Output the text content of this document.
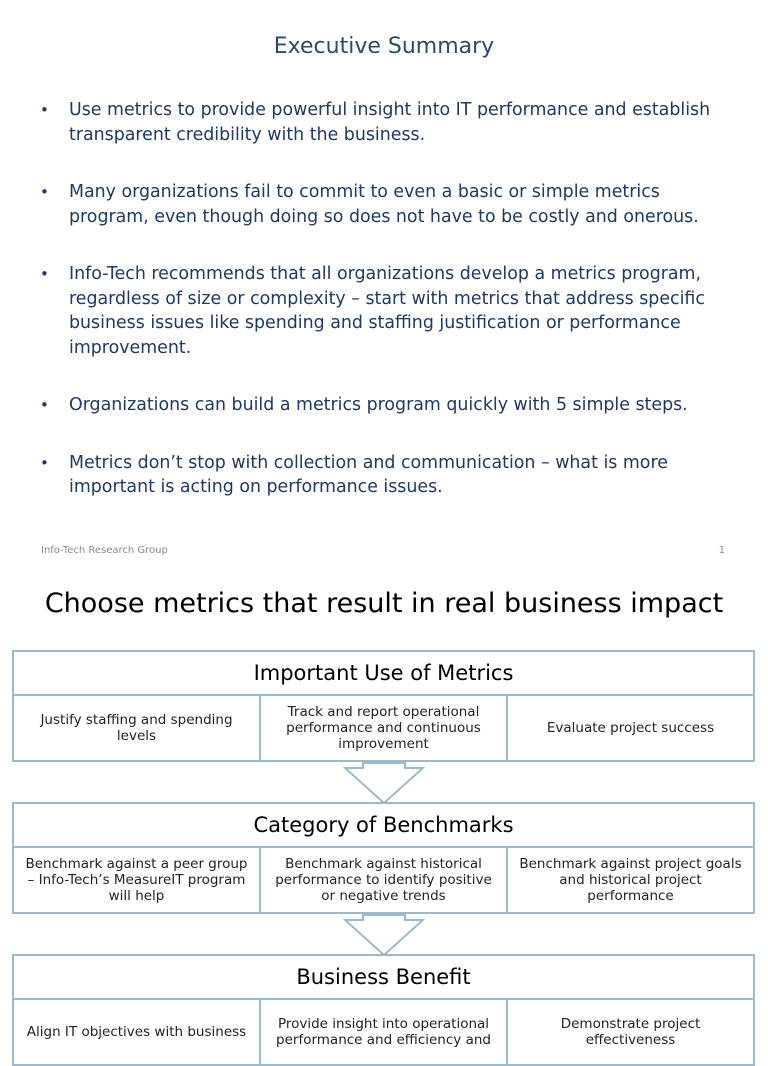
Executive Summary
• Use metrics to provide powerful insight into IT performance and establish transparent credibility with the business.
• Many organizations fail to commit to even a basic or simple metrics program, even though doing so does not have to be costly and onerous.
• Info-Tech recommends that all organizations develop a metrics program, regardless of size or complexity – start with metrics that address specific business issues like spending and staffing justification or performance improvement.
• Organizations can build a metrics program quickly with 5 simple steps.
• Metrics don’t stop with collection and communication – what is more important is acting on performance issues.
Info-Tech Research Group	1
Choose metrics that result in real business impact
Important Use of Metrics
Justify staffing and spending levels
Track and report operational performance and continuous improvement
Evaluate project success
Category of Benchmarks
Benchmark against a peer group – Info-Tech’s MeasureIT program will help
Benchmark against historical performance to identify positive or negative trends
Benchmark against project goals and historical project performance
Business Benefit
Align IT objectives with business	Provide insight into operational performance and efficiency and
Demonstrate project effectiveness
